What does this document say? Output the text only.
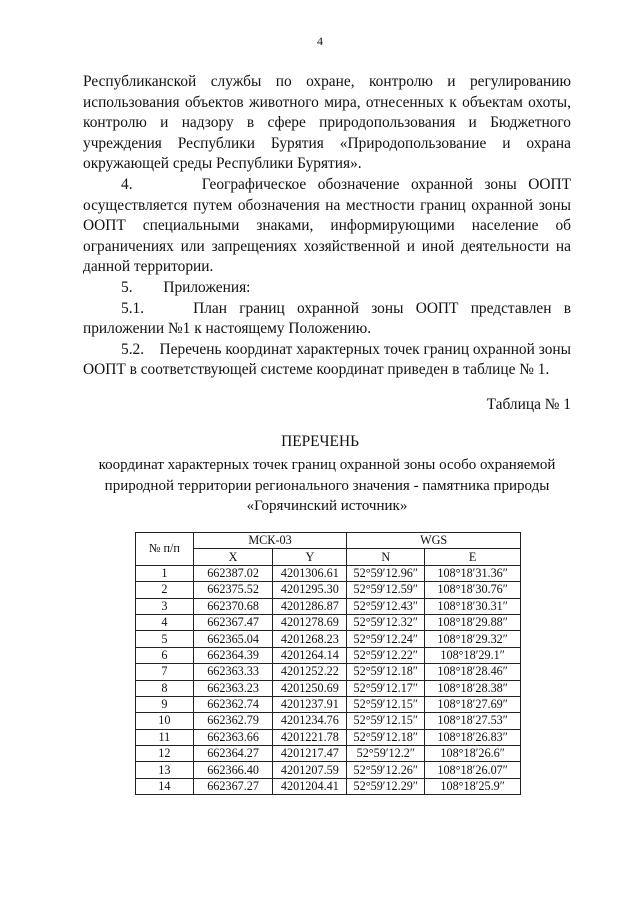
4

Республиканской службы по охране, контролю и регулированию использования объектов животного мира, отнесенных к объектам охоты, контролю и надзору в сфере природопользования и Бюджетного учреждения Республики Бурятия «Природопользование и охрана окружающей среды Республики Бурятия».

4.      Географическое обозначение охранной зоны ООПТ осуществляется путем обозначения на местности границ охранной зоны ООПТ специальными знаками, информирующими население об ограничениях или запрещениях хозяйственной и иной деятельности на данной территории.

5.        Приложения:

5.1.    План границ охранной зоны ООПТ представлен в приложении №1 к настоящему Положению.

5.2.    Перечень координат характерных точек границ охранной зоны ООПТ в соответствующей системе координат приведен в таблице № 1.

Таблица № 1
ПЕРЕЧЕНЬ
координат характерных точек границ охранной зоны особо охраняемой природной территории регионального значения - памятника природы «Горячинский источник»
№ п/п	МСК-03		WGS	
	X	Y	N	E
1	662387.02	4201306.61	52°59′12.96″	108°18′31.36″
2	662375.52	4201295.30	52°59′12.59″	108°18′30.76″
3	662370.68	4201286.87	52°59′12.43″	108°18′30.31″
4	662367.47	4201278.69	52°59′12.32″	108°18′29.88″
5	662365.04	4201268.23	52°59′12.24″	108°18′29.32″
6	662364.39	4201264.14	52°59′12.22″	108°18′29.1″
7	662363.33	4201252.22	52°59′12.18″	108°18′28.46″
8	662363.23	4201250.69	52°59′12.17″	108°18′28.38″
9	662362.74	4201237.91	52°59′12.15″	108°18′27.69″
10	662362.79	4201234.76	52°59′12.15″	108°18′27.53″
11	662363.66	4201221.78	52°59′12.18″	108°18′26.83″
12	662364.27	4201217.47	52°59′12.2″	108°18′26.6″
13	662366.40	4201207.59	52°59′12.26″	108°18′26.07″
14	662367.27	4201204.41	52°59′12.29″	108°18′25.9″
